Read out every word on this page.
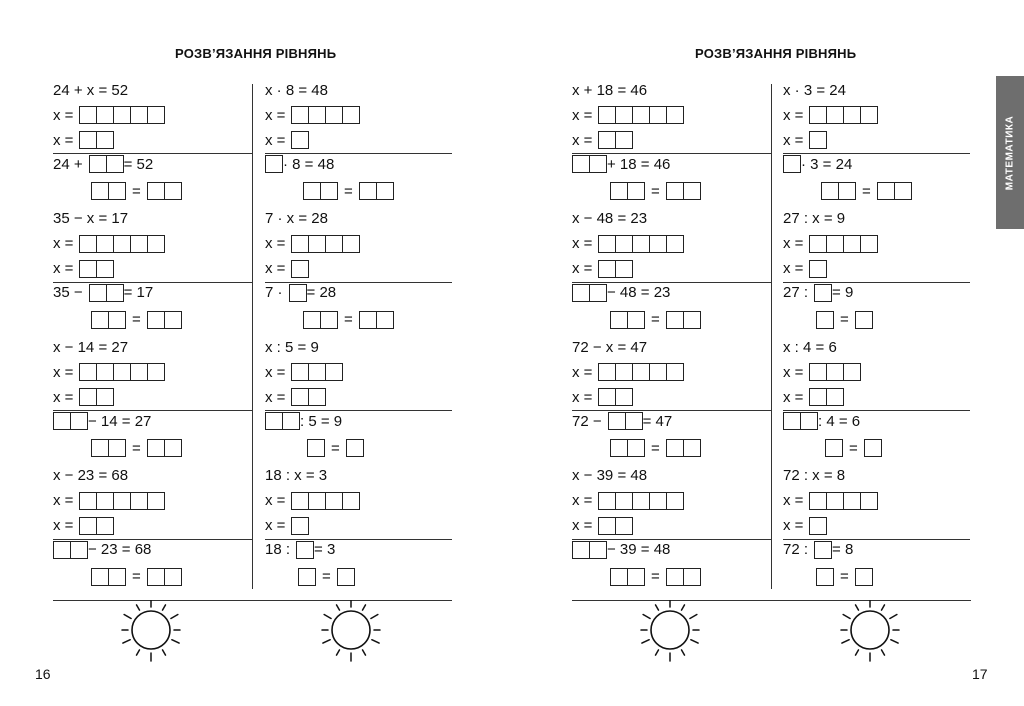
РОЗВ’ЯЗАННЯ РІВНЯНЬ
24 + x = 52
x =
x =
24 +	= 52
=
35 − x = 17
x =
x =
35 −	= 17
=
x − 14 = 27
x =
x =
− 14 = 27
=
x − 23 = 68
x =
x =
− 23 = 68
=
x · 8 = 48
x =
x =
· 8 = 48
=
7 · x = 28
x =
x =
7 · = 28
=
x : 5 = 9
x =
x =
: 5 = 9
=
18 : x = 3
x =
x =
18 : = 3
=
16
РОЗВ’ЯЗАННЯ РІВНЯНЬ
x + 18 = 46
x =
x =
+ 18 = 46
=
x − 48 = 23
x =
x =
− 48 = 23
=
72 − x = 47
x =
x =
72 −	= 47
=
x − 39 = 48
x =
x =
− 39 = 48
=
x · 3 = 24
x =
x =
· 3 = 24
=
27 : x = 9
x =
x =
27 : = 9
=
x : 4 = 6
x =
x =
: 4 = 6
=
72 : x = 8
x =
x =
72 : = 8
=
17
МАТЕМАТИКА
